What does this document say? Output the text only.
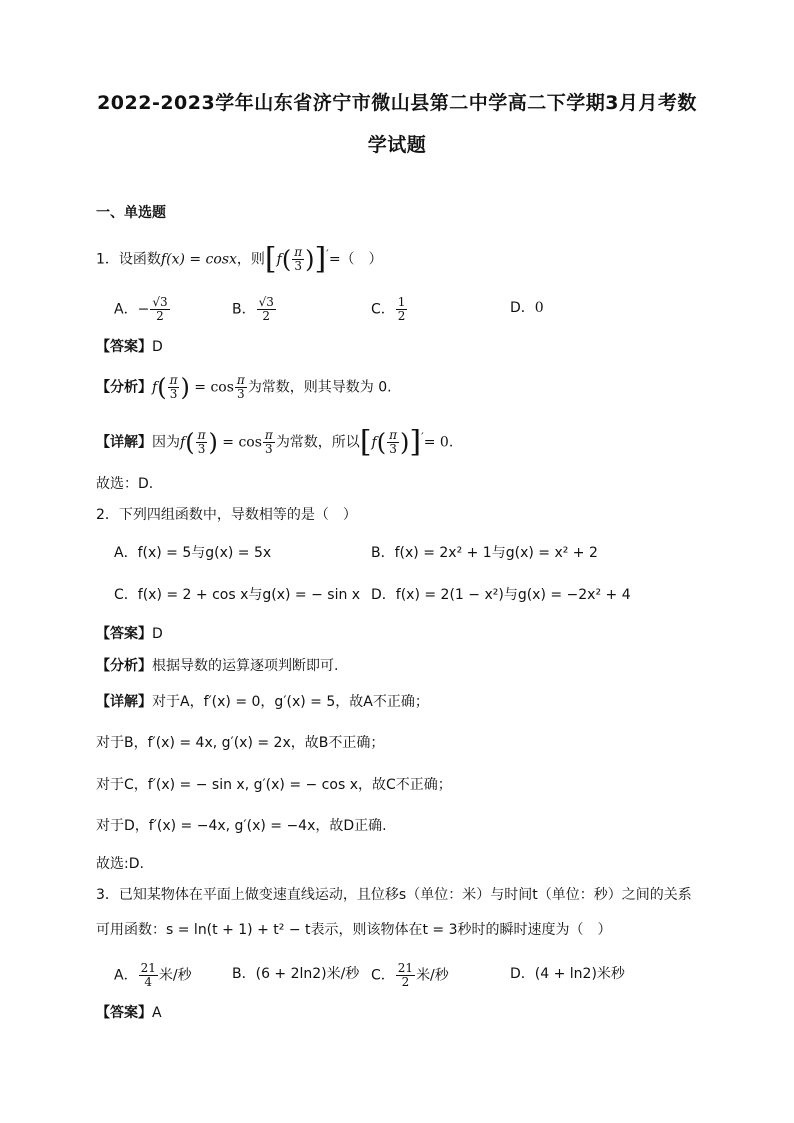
2022-2023学年山东省济宁市微山县第二中学高二下学期3月月考数
学试题
一、单选题
1．设函数f(x) = cosx，则$[f( \frac{\pi}{3} )]'=$（　）
A．− $\frac{√3}{2}$	B． $\frac{√3}{2}$	C． $\frac{1}{2}$	D．0
【答案】D
【分析】$f( \frac{\pi}{3}$ ) = $\cos \frac{\pi}{3}$ 为常数，则其导数为 0.
【详解】因为$f( \frac{\pi}{3}$ ) = $\cos \frac{\pi}{3}$ 为常数，所以$[f( \frac{\pi}{3} )]'= 0$.
故选：D.
2．下列四组函数中，导数相等的是（　）
A．f(x) = 5与g(x) = 5x	B．f(x) = 2x² + 1与g(x) = x² + 2
C．f(x) = 2 + cos x与g(x) = − sin x D．f(x) = 2(1 − x²)与g(x) = −2x² + 4
【答案】D
【分析】根据导数的运算逐项判断即可.
【详解】对于A，f′(x) = 0，g′(x) = 5，故A不正确；
对于B，f′(x) = 4x, g′(x) = 2x，故B不正确；
对于C，f′(x) = − sin x, g′(x) = − cos x，故C不正确；
对于D，f′(x) = −4x, g′(x) = −4x，故D正确.
故选:D.
3．已知某物体在平面上做变速直线运动，且位移s（单位：米）与时间t（单位：秒）之间的关系
可用函数：s = ln(t + 1) + t² − t表示，则该物体在t = 3秒时的瞬时速度为（　）
A． $\frac{21}{4}$ 米/秒	B．(6 + 2ln2)米/秒 C． $\frac{21}{2}$ 米/秒	D．(4 + ln2)米秒
【答案】A
